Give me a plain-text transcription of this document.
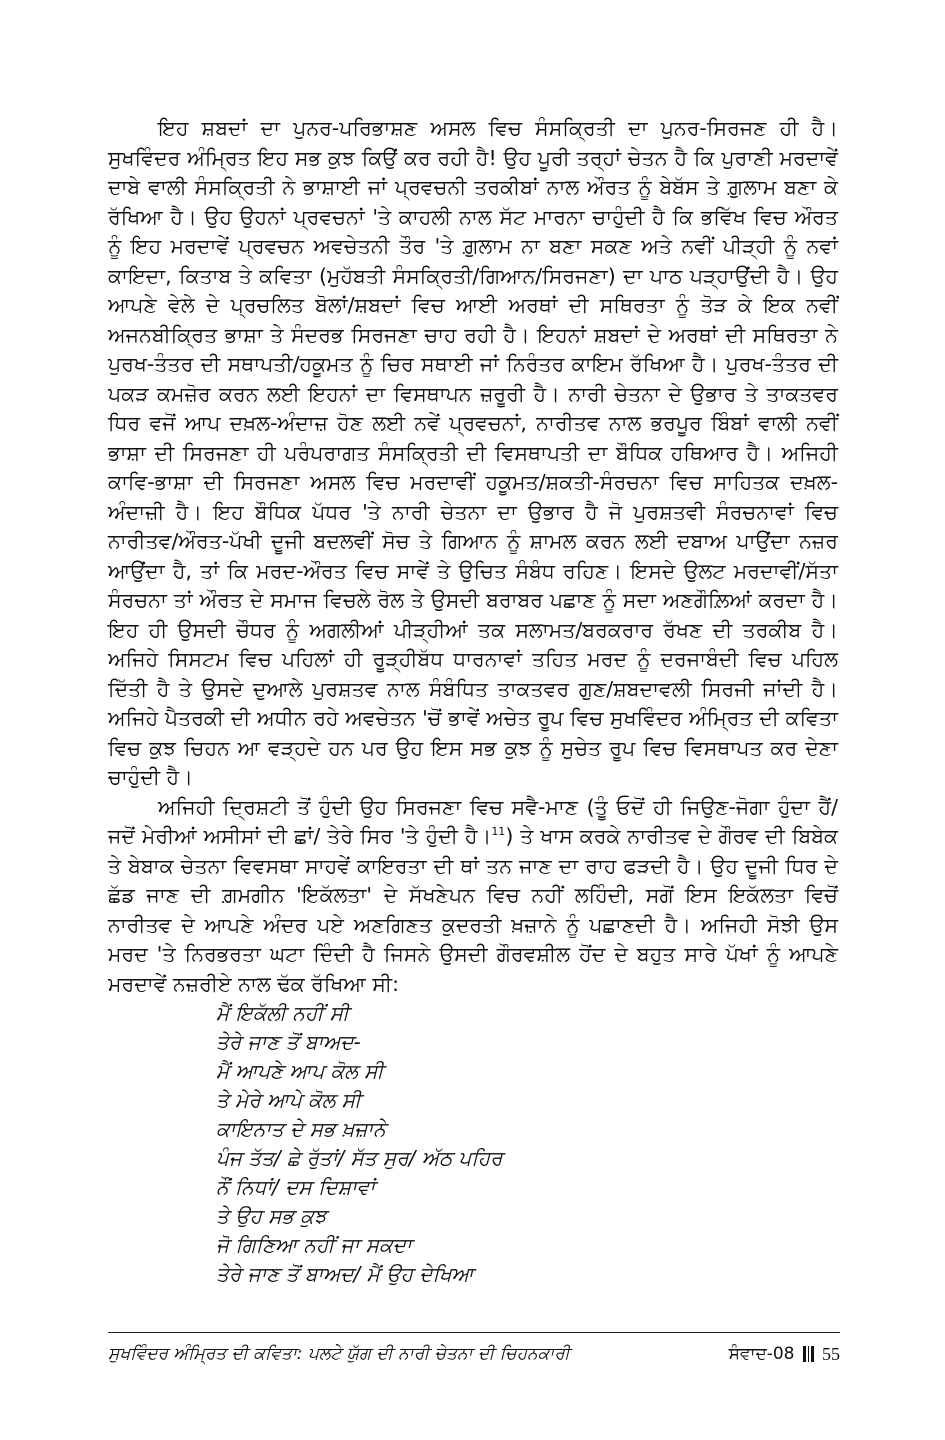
ਇਹ ਸ਼ਬਦਾਂ ਦਾ ਪੁਨਰ-ਪਰਿਭਾਸ਼ਣ ਅਸਲ ਵਿਚ ਸੰਸਕ੍ਰਿਤੀ ਦਾ ਪੁਨਰ-ਸਿਰਜਣ ਹੀ ਹੈ। ਸੁਖਵਿੰਦਰ ਅੰਮ੍ਰਿਤ ਇਹ ਸਭ ਕੁਝ ਕਿਉਂ ਕਰ ਰਹੀ ਹੈ! ਉਹ ਪੂਰੀ ਤਰ੍ਹਾਂ ਚੇਤਨ ਹੈ ਕਿ ਪੁਰਾਣੀ ਮਰਦਾਵੇਂ ਦਾਬੇ ਵਾਲੀ ਸੰਸਕ੍ਰਿਤੀ ਨੇ ਭਾਸ਼ਾਈ ਜਾਂ ਪ੍ਰਵਚਨੀ ਤਰਕੀਬਾਂ ਨਾਲ ਔਰਤ ਨੂੰ ਬੇਬੱਸ ਤੇ ਗ਼ੁਲਾਮ ਬਣਾ ਕੇ ਰੱਖਿਆ ਹੈ। ਉਹ ਉਹਨਾਂ ਪ੍ਰਵਚਨਾਂ 'ਤੇ ਕਾਹਲੀ ਨਾਲ ਸੱਟ ਮਾਰਨਾ ਚਾਹੁੰਦੀ ਹੈ ਕਿ ਭਵਿੱਖ ਵਿਚ ਔਰਤ ਨੂੰ ਇਹ ਮਰਦਾਵੇਂ ਪ੍ਰਵਚਨ ਅਵਚੇਤਨੀ ਤੌਰ 'ਤੇ ਗ਼ੁਲਾਮ ਨਾ ਬਣਾ ਸਕਣ ਅਤੇ ਨਵੀਂ ਪੀੜ੍ਹੀ ਨੂੰ ਨਵਾਂ ਕਾਇਦਾ, ਕਿਤਾਬ ਤੇ ਕਵਿਤਾ (ਮੁਹੱਬਤੀ ਸੰਸਕ੍ਰਿਤੀ/ਗਿਆਨ/ਸਿਰਜਣਾ) ਦਾ ਪਾਠ ਪੜ੍ਹਾਉਂਦੀ ਹੈ। ਉਹ ਆਪਣੇ ਵੇਲੇ ਦੇ ਪ੍ਰਚਲਿਤ ਬੋਲਾਂ/ਸ਼ਬਦਾਂ ਵਿਚ ਆਈ ਅਰਥਾਂ ਦੀ ਸਥਿਰਤਾ ਨੂੰ ਤੋੜ ਕੇ ਇਕ ਨਵੀਂ ਅਜਨਬੀਕ੍ਰਿਤ ਭਾਸ਼ਾ ਤੇ ਸੰਦਰਭ ਸਿਰਜਣਾ ਚਾਹ ਰਹੀ ਹੈ। ਇਹਨਾਂ ਸ਼ਬਦਾਂ ਦੇ ਅਰਥਾਂ ਦੀ ਸਥਿਰਤਾ ਨੇ ਪੁਰਖ-ਤੰਤਰ ਦੀ ਸਥਾਪਤੀ/ਹਕੂਮਤ ਨੂੰ ਚਿਰ ਸਥਾਈ ਜਾਂ ਨਿਰੰਤਰ ਕਾਇਮ ਰੱਖਿਆ ਹੈ। ਪੁਰਖ-ਤੰਤਰ ਦੀ ਪਕੜ ਕਮਜ਼ੋਰ ਕਰਨ ਲਈ ਇਹਨਾਂ ਦਾ ਵਿਸਥਾਪਨ ਜ਼ਰੂਰੀ ਹੈ। ਨਾਰੀ ਚੇਤਨਾ ਦੇ ਉਭਾਰ ਤੇ ਤਾਕਤਵਰ ਧਿਰ ਵਜੋਂ ਆਪ ਦਖ਼ਲ-ਅੰਦਾਜ਼ ਹੋਣ ਲਈ ਨਵੇਂ ਪ੍ਰਵਚਨਾਂ, ਨਾਰੀਤਵ ਨਾਲ ਭਰਪੂਰ ਬਿੰਬਾਂ ਵਾਲੀ ਨਵੀਂ ਭਾਸ਼ਾ ਦੀ ਸਿਰਜਣਾ ਹੀ ਪਰੰਪਰਾਗਤ ਸੰਸਕ੍ਰਿਤੀ ਦੀ ਵਿਸਥਾਪਤੀ ਦਾ ਬੌਧਿਕ ਹਥਿਆਰ ਹੈ। ਅਜਿਹੀ ਕਾਵਿ-ਭਾਸ਼ਾ ਦੀ ਸਿਰਜਣਾ ਅਸਲ ਵਿਚ ਮਰਦਾਵੀਂ ਹਕੂਮਤ/ਸ਼ਕਤੀ-ਸੰਰਚਨਾ ਵਿਚ ਸਾਹਿਤਕ ਦਖ਼ਲ-ਅੰਦਾਜ਼ੀ ਹੈ। ਇਹ ਬੌਧਿਕ ਪੱਧਰ 'ਤੇ ਨਾਰੀ ਚੇਤਨਾ ਦਾ ਉਭਾਰ ਹੈ ਜੋ ਪੁਰਸ਼ਤਵੀ ਸੰਰਚਨਾਵਾਂ ਵਿਚ ਨਾਰੀਤਵ/ਔਰਤ-ਪੱਖੀ ਦੂਜੀ ਬਦਲਵੀਂ ਸੋਚ ਤੇ ਗਿਆਨ ਨੂੰ ਸ਼ਾਮਲ ਕਰਨ ਲਈ ਦਬਾਅ ਪਾਉਂਦਾ ਨਜ਼ਰ ਆਉਂਦਾ ਹੈ, ਤਾਂ ਕਿ ਮਰਦ-ਔਰਤ ਵਿਚ ਸਾਵੇਂ ਤੇ ਉਚਿਤ ਸੰਬੰਧ ਰਹਿਣ। ਇਸਦੇ ਉਲਟ ਮਰਦਾਵੀਂ/ਸੱਤਾ ਸੰਰਚਨਾ ਤਾਂ ਔਰਤ ਦੇ ਸਮਾਜ ਵਿਚਲੇ ਰੋਲ ਤੇ ਉਸਦੀ ਬਰਾਬਰ ਪਛਾਣ ਨੂੰ ਸਦਾ ਅਣਗੌਲ਼ਿਆਂ ਕਰਦਾ ਹੈ। ਇਹ ਹੀ ਉਸਦੀ ਚੌਧਰ ਨੂੰ ਅਗਲੀਆਂ ਪੀੜ੍ਹੀਆਂ ਤਕ ਸਲਾਮਤ/ਬਰਕਰਾਰ ਰੱਖਣ ਦੀ ਤਰਕੀਬ ਹੈ। ਅਜਿਹੇ ਸਿਸਟਮ ਵਿਚ ਪਹਿਲਾਂ ਹੀ ਰੂੜ੍ਹੀਬੱਧ ਧਾਰਨਾਵਾਂ ਤਹਿਤ ਮਰਦ ਨੂੰ ਦਰਜਾਬੰਦੀ ਵਿਚ ਪਹਿਲ ਦਿੱਤੀ ਹੈ ਤੇ ਉਸਦੇ ਦੁਆਲੇ ਪੁਰਸ਼ਤਵ ਨਾਲ ਸੰਬੰਧਿਤ ਤਾਕਤਵਰ ਗੁਣ/ਸ਼ਬਦਾਵਲੀ ਸਿਰਜੀ ਜਾਂਦੀ ਹੈ। ਅਜਿਹੇ ਪੈਤਰਕੀ ਦੀ ਅਧੀਨ ਰਹੇ ਅਵਚੇਤਨ 'ਚੋਂ ਭਾਵੇਂ ਅਚੇਤ ਰੂਪ ਵਿਚ ਸੁਖਵਿੰਦਰ ਅੰਮ੍ਰਿਤ ਦੀ ਕਵਿਤਾ ਵਿਚ ਕੁਝ ਚਿਹਨ ਆ ਵੜ੍ਹਦੇ ਹਨ ਪਰ ਉਹ ਇਸ ਸਭ ਕੁਝ ਨੂੰ ਸੁਚੇਤ ਰੂਪ ਵਿਚ ਵਿਸਥਾਪਤ ਕਰ ਦੇਣਾ ਚਾਹੁੰਦੀ ਹੈ।

ਅਜਿਹੀ ਦ੍ਰਿਸ਼ਟੀ ਤੋਂ ਹੁੰਦੀ ਉਹ ਸਿਰਜਣਾ ਵਿਚ ਸਵੈ-ਮਾਣ (ਤੂੰ ਓਦੋਂ ਹੀ ਜਿਉਣ-ਜੋਗਾ ਹੁੰਦਾ ਹੈਂ/ ਜਦੋਂ ਮੇਰੀਆਂ ਅਸੀਸਾਂ ਦੀ ਛਾਂ/ ਤੇਰੇ ਸਿਰ 'ਤੇ ਹੁੰਦੀ ਹੈ।$^{11}$) ਤੇ ਖਾਸ ਕਰਕੇ ਨਾਰੀਤਵ ਦੇ ਗੌਰਵ ਦੀ ਬਿਬੇਕ ਤੇ ਬੇਬਾਕ ਚੇਤਨਾ ਵਿਵਸਥਾ ਸਾਹਵੇਂ ਕਾਇਰਤਾ ਦੀ ਥਾਂ ਤਨ ਜਾਣ ਦਾ ਰਾਹ ਫੜਦੀ ਹੈ। ਉਹ ਦੂਜੀ ਧਿਰ ਦੇ ਛੱਡ ਜਾਣ ਦੀ ਗ਼ਮਗੀਨ 'ਇਕੱਲਤਾ' ਦੇ ਸੱਖਣੇਪਨ ਵਿਚ ਨਹੀਂ ਲਹਿੰਦੀ, ਸਗੋਂ ਇਸ ਇਕੱਲਤਾ ਵਿਚੋਂ ਨਾਰੀਤਵ ਦੇ ਆਪਣੇ ਅੰਦਰ ਪਏ ਅਣਗਿਣਤ ਕੁਦਰਤੀ ਖ਼ਜ਼ਾਨੇ ਨੂੰ ਪਛਾਣਦੀ ਹੈ। ਅਜਿਹੀ ਸੋਝੀ ਉਸ ਮਰਦ 'ਤੇ ਨਿਰਭਰਤਾ ਘਟਾ ਦਿੰਦੀ ਹੈ ਜਿਸਨੇ ਉਸਦੀ ਗੌਰਵਸ਼ੀਲ ਹੋਂਦ ਦੇ ਬਹੁਤ ਸਾਰੇ ਪੱਖਾਂ ਨੂੰ ਆਪਣੇ ਮਰਦਾਵੇਂ ਨਜ਼ਰੀਏ ਨਾਲ ਢੱਕ ਰੱਖਿਆ ਸੀ:

ਮੈਂ ਇਕੱਲੀ ਨਹੀਂ ਸੀ
ਤੇਰੇ ਜਾਣ ਤੋਂ ਬਾਅਦ-
ਮੈਂ ਆਪਣੇ ਆਪ ਕੋਲ ਸੀ
ਤੇ ਮੇਰੇ ਆਪੇ ਕੋਲ ਸੀ
ਕਾਇਨਾਤ ਦੇ ਸਭ ਖ਼ਜ਼ਾਨੇ
ਪੰਜ ਤੱਤ/ ਛੇ ਰੁੱਤਾਂ/ ਸੱਤ ਸੁਰ/ ਅੱਠ ਪਹਿਰ
ਨੌਂ ਨਿਧਾਂ/ ਦਸ ਦਿਸ਼ਾਵਾਂ
ਤੇ ਉਹ ਸਭ ਕੁਝ
ਜੋ ਗਿਣਿਆ ਨਹੀਂ ਜਾ ਸਕਦਾ
ਤੇਰੇ ਜਾਣ ਤੋਂ ਬਾਅਦ/ ਮੈਂ ਉਹ ਦੇਖਿਆ
ਸੁਖਵਿੰਦਰ ਅੰਮ੍ਰਿਤ ਦੀ ਕਵਿਤਾ: ਪਲਟੇ ਯੁੱਗ ਦੀ ਨਾਰੀ ਚੇਤਨਾ ਦੀ ਚਿਹਨਕਾਰੀ	ਸੰਵਾਦ-08 55
